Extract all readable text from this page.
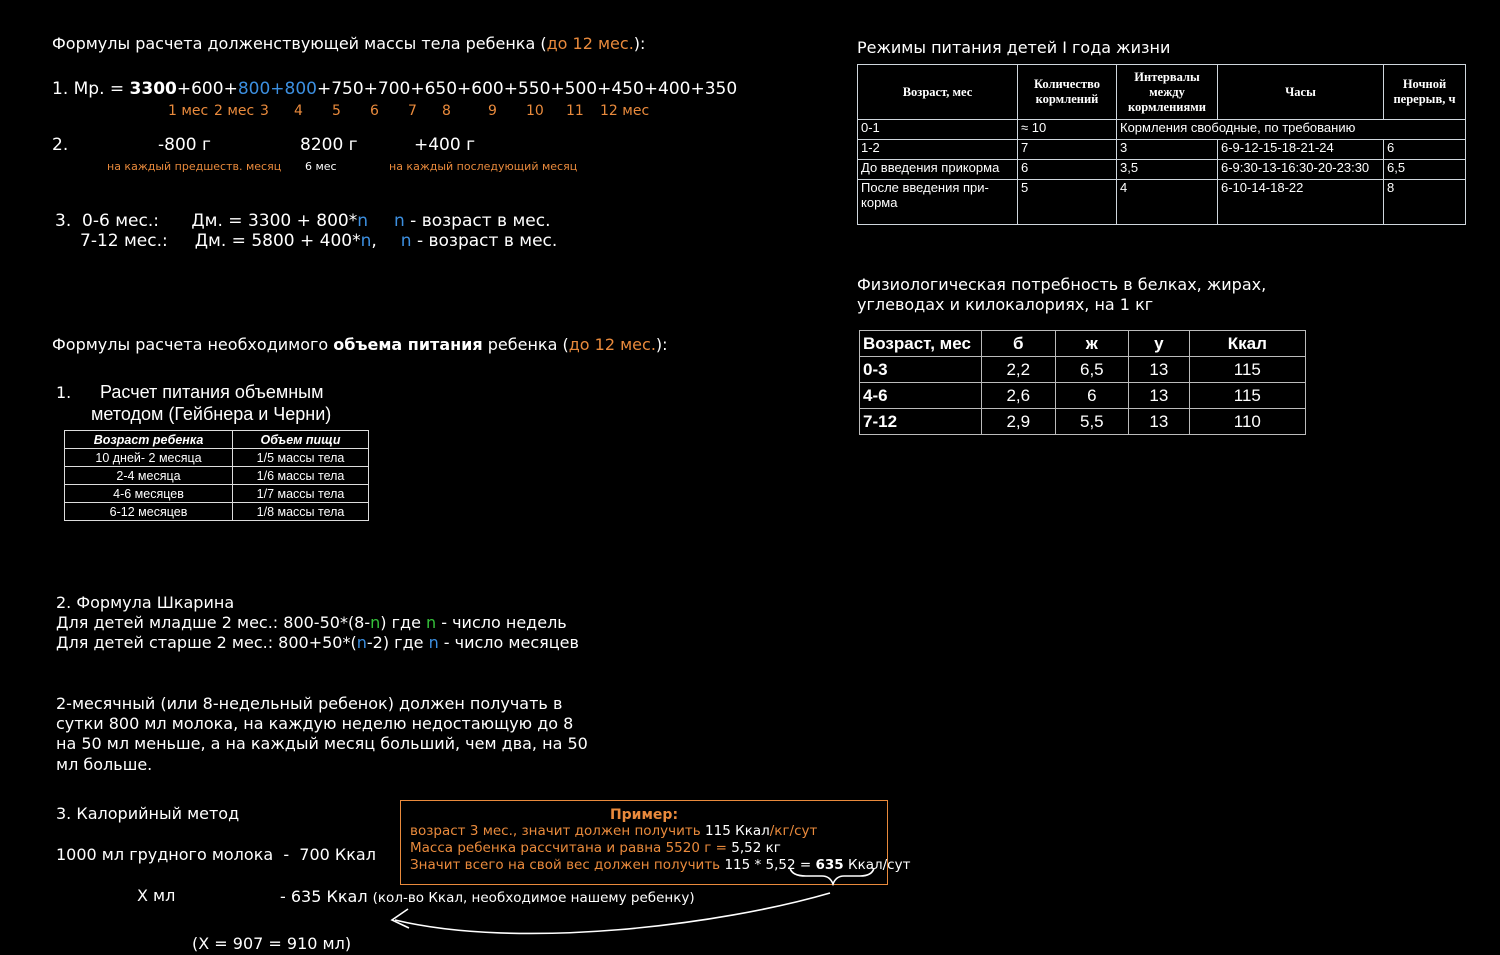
Формулы расчета долженствующей массы тела ребенка (до 12 мес.):
1. Мр. = 3300+600+800+800+750+700+650+600+550+500+450+400+350
1 мес 2 мес 3 4 5 6 7 8	9 10 11 12 мес
2.	-800 г	8200 г	+400 г
на каждый предшеств. месяц 6 мес	на каждый последующий месяц
3.  0-6 мес.:      Дм. = 3300 + 800*n n - возраст в мес.
7-12 мес.:     Дм. = 5800 + 400*n, n - возраст в мес.
Формулы расчета необходимого объема питания ребенка (до 12 мес.):
1. Расчет питания объемным
методом (Гейбнера и Черни)
Возраст ребенка	Объем пищи
10 дней- 2 месяца	1/5 массы тела
2-4 месяца	1/6 массы тела
4-6 месяцев	1/7 массы тела
6-12 месяцев	1/8 массы тела
2. Формула Шкарина
Для детей младше 2 мес.: 800-50*(8-n) где n - число недель
Для детей старше 2 мес.: 800+50*(n-2) где n - число месяцев
2-месячный (или 8-недельный ребенок) должен получать в
сутки 800 мл молока, на каждую неделю недостающую до 8
на 50 мл меньше, а на каждый месяц больший, чем два, на 50
мл больше.
3. Калорийный метод
1000 мл грудного молока  -  700 Ккал
Х мл	- 635 Ккал (кол-во Ккал, необходимое нашему ребенку)
(Х = 907 = 910 мл)
Пример:
возраст 3 мес., значит должен получить 115 Ккал/кг/сут
Масса ребенка рассчитана и равна 5520 г = 5,52 кг
Значит всего на свой вес должен получить 115 * 5,52 = 635 Ккал/сут
Режимы питания детей I года жизни
Возраст, мес	Количество кормлений	Интервалы между кормлениями	Часы	Ночной перерыв, ч
0-1	≈ 10	Кормления свободные, по требованию		
1-2	7	3	6-9-12-15-18-21-24	6
До введения прикорма	6	3,5	6-9:30-13-16:30-20-23:30	6,5
После введения при-корма	5	4	6-10-14-18-22	8
Физиологическая потребность в белках, жирах,
углеводах и килокалориях, на 1 кг
Возраст, мес	б	ж	у	Ккал
0-3	2,2	6,5	13	115
4-6	2,6	6	13	115
7-12	2,9	5,5	13	110
